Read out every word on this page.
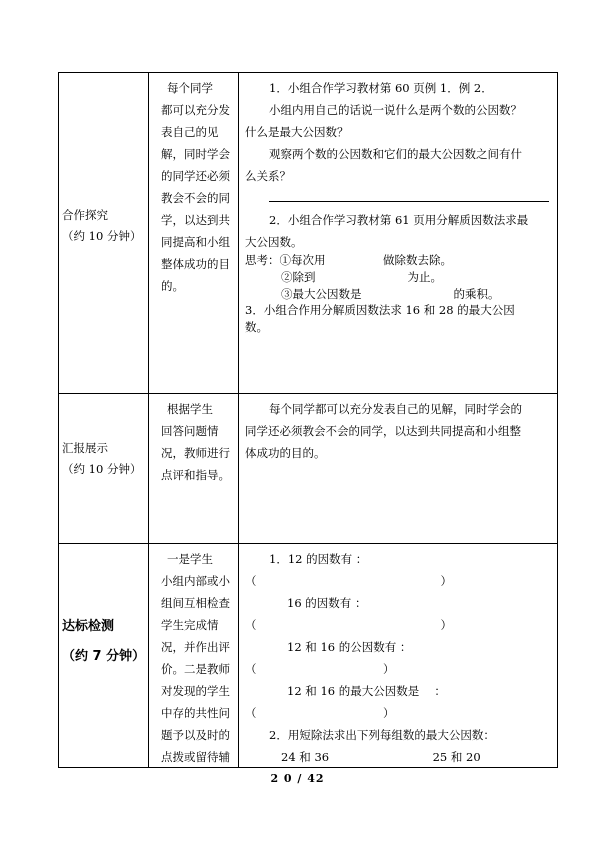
合作探究
（约 10 分钟）
每个同学
都可以充分发
表自己的见
解，同时学会
的同学还必须
教会不会的同
学，以达到共
同提高和小组
整体成功的目
的。
1．小组合作学习教材第 60 页例 1．例 2．
小组内用自己的话说一说什么是两个数的公因数？
什么是最大公因数？
观察两个数的公因数和它们的最大公因数之间有什
么关系？
2．小组合作学习教材第 61 页用分解质因数法求最
大公因数。
思考：①每次用　　　　　做除数去除。
②除到　　　　　　　　为止。
③最大公因数是　　　　　　　　的乘积。
3．小组合作用分解质因数法求 16 和 28 的最大公因
数。
汇报展示
（约 10 分钟）
根据学生
回答问题情
况，教师进行
点评和指导。
每个同学都可以充分发表自己的见解，同时学会的
同学还必须教会不会的同学，以达到共同提高和小组整
体成功的目的。
达标检测
（约 7 分钟）
一是学生
小组内部或小
组间互相检查
学生完成情
况，并作出评
价。二是教师
对发现的学生
中存的共性问
题予以及时的
点拨或留待辅
1．12 的因数有 ：
（　　　　　　　　　　　　　　　　）
16 的因数有 ：
（　　　　　　　　　　　　　　　　）
12 和 16 的公因数有 ：
（　　　　　　　　　　　）
12 和 16 的最大公因数是 　：
（　　　　　　　　　　　）
2．用短除法求出下列每组数的最大公因数：
24 和 36　　　　　　　　　25 和 20
2 0 / 42
